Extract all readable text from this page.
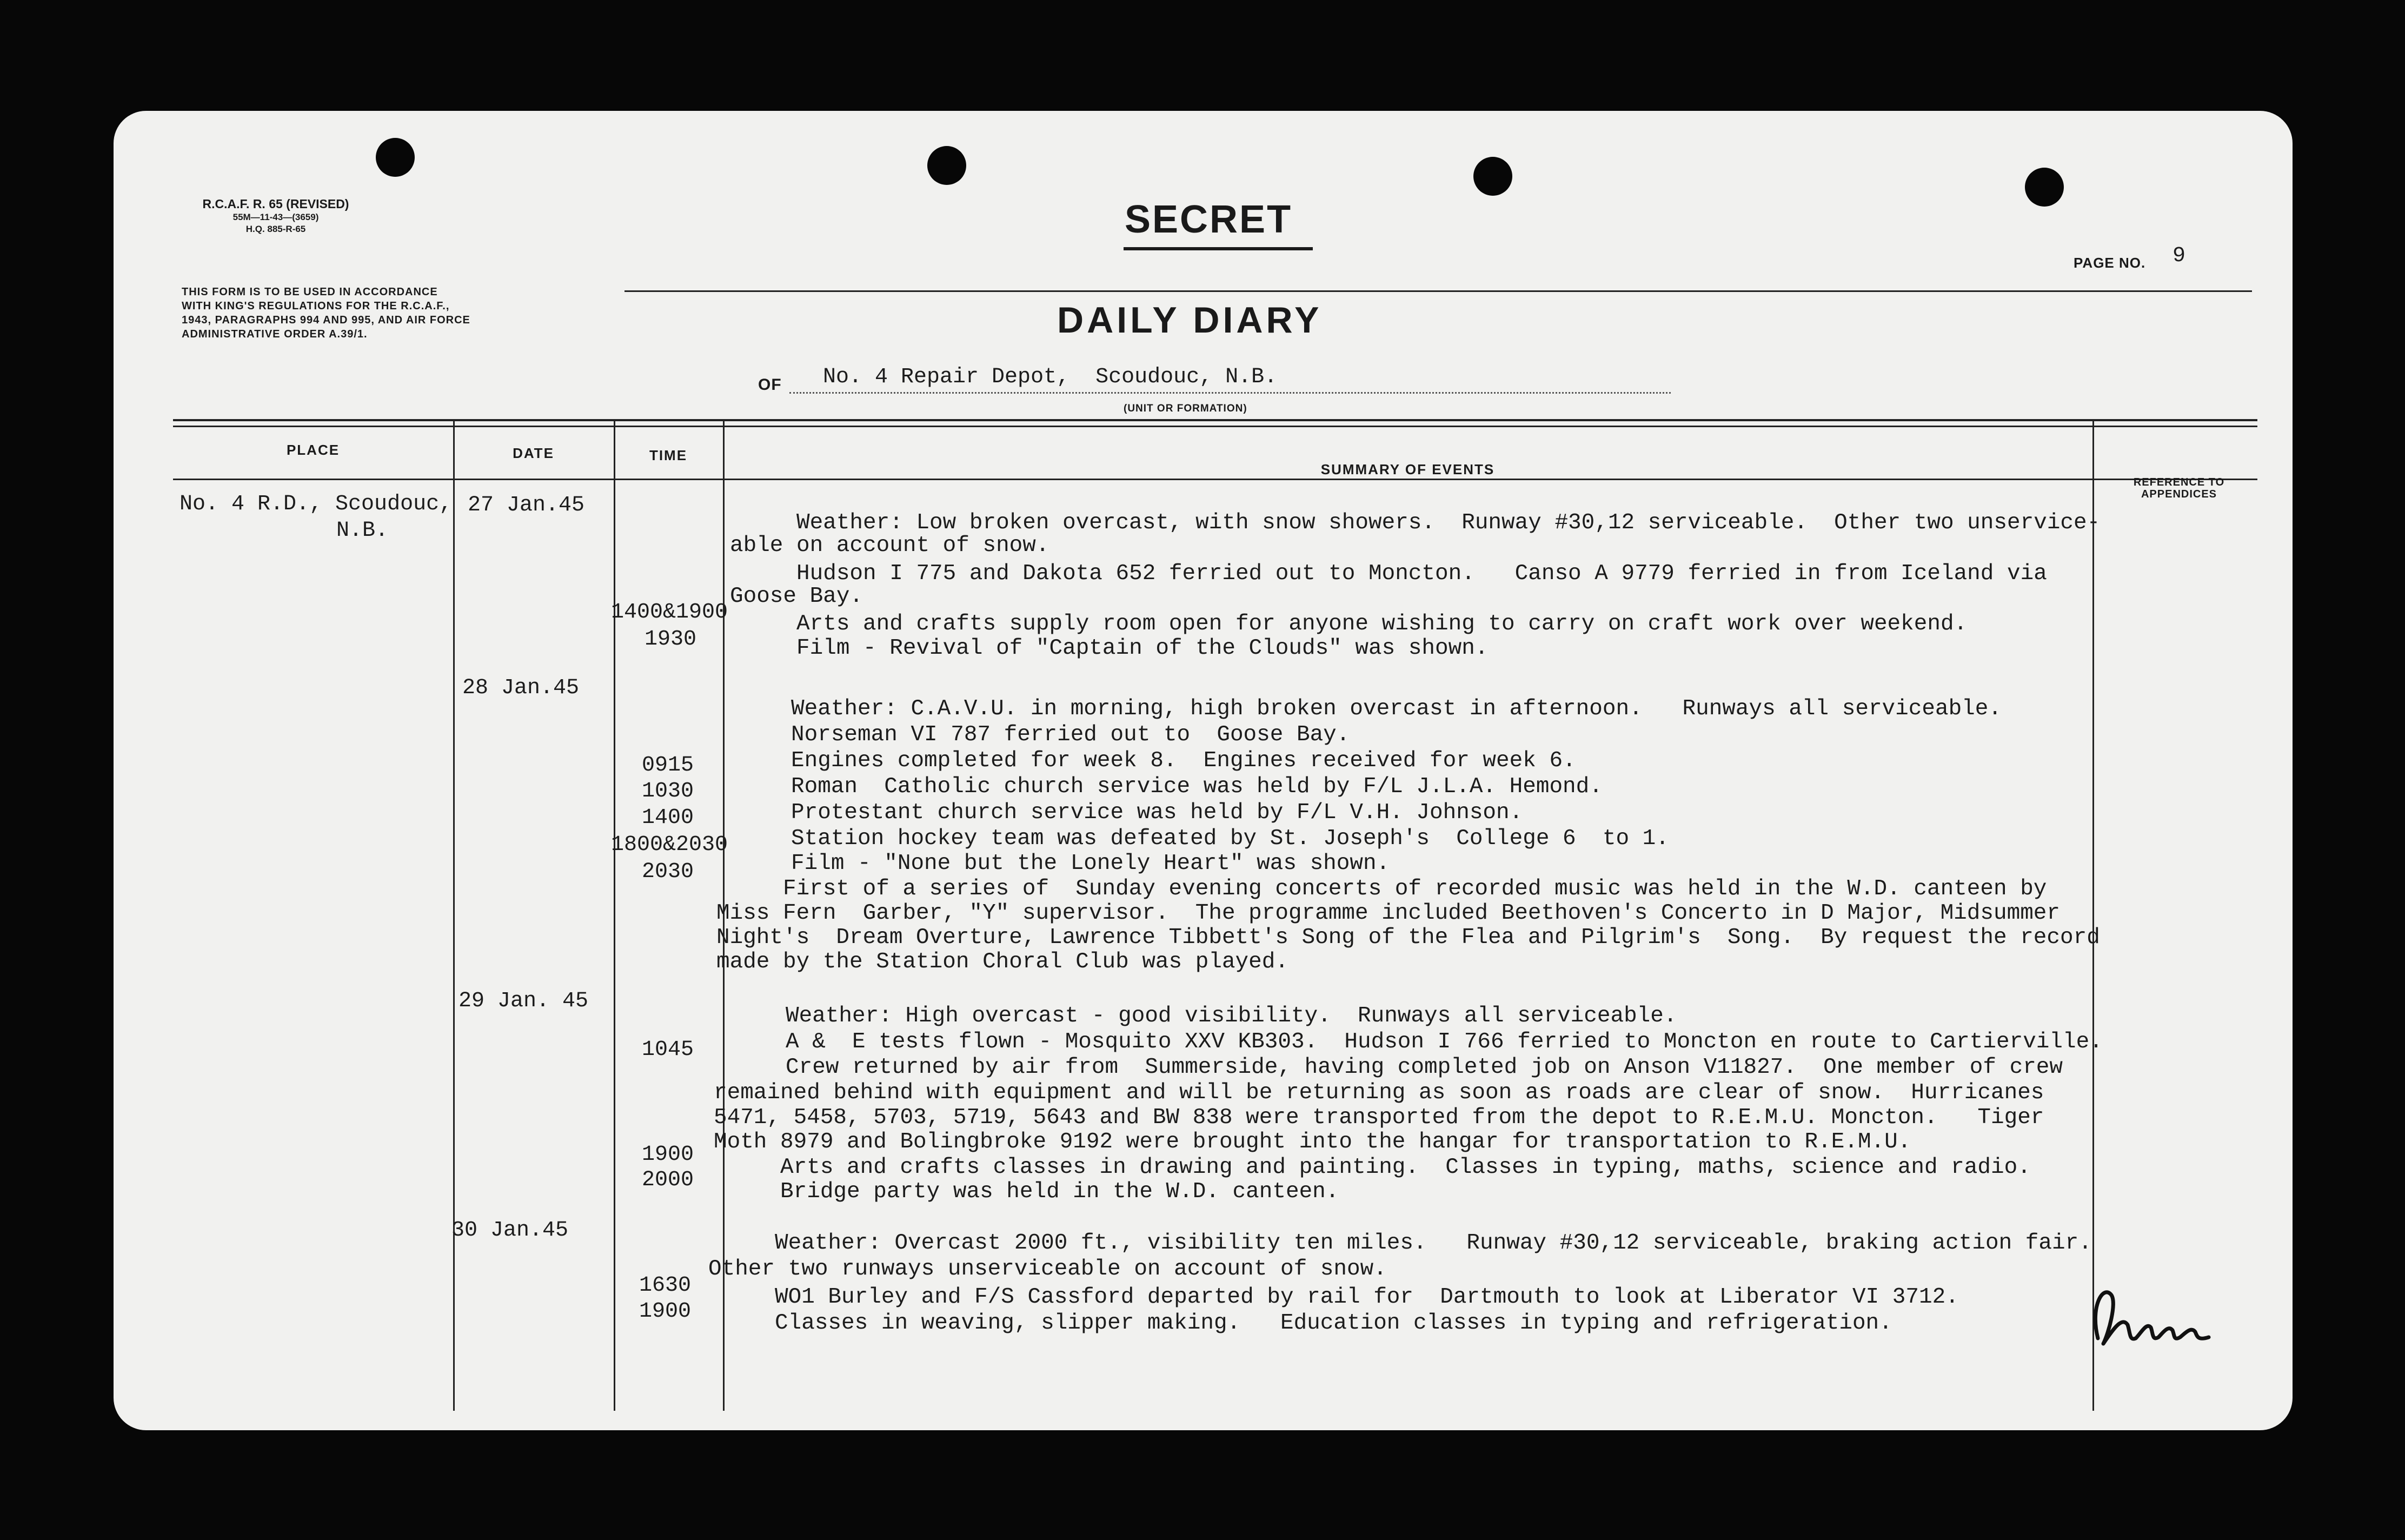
R.C.A.F. R. 65 (REVISED)
55M—11-43—(3659)
H.Q. 885-R-65
THIS FORM IS TO BE USED IN ACCORDANCE
WITH KING'S REGULATIONS FOR THE R.C.A.F.,
1943, PARAGRAPHS 994 AND 995, AND AIR FORCE
ADMINISTRATIVE ORDER A.39/1.
SECRET
PAGE NO. 9
DAILY DIARY
OF No. 4 Repair Depot,  Scoudouc, N.B.
(UNIT OR FORMATION)
PLACE	DATE	TIME
SUMMARY OF EVENTS
REFERENCE TO APPENDICES
No. 4 R.D., Scoudouc,
N.B.
27 Jan.45
28 Jan.45
29 Jan. 45
30 Jan.45
1400&1900
1930
0915
1030
1400
1800&2030
2030
1045
1900
2000
1630
1900
Weather: Low broken overcast, with snow showers.  Runway #30,12 serviceable.  Other two unservice-
able on account of snow.
Hudson I 775 and Dakota 652 ferried out to Moncton.   Canso A 9779 ferried in from Iceland via
Goose Bay.
Arts and crafts supply room open for anyone wishing to carry on craft work over weekend.
Film - Revival of "Captain of the Clouds" was shown.
Weather: C.A.V.U. in morning, high broken overcast in afternoon.   Runways all serviceable.
Norseman VI 787 ferried out to  Goose Bay.
Engines completed for week 8.  Engines received for week 6.
Roman  Catholic church service was held by F/L J.L.A. Hemond.
Protestant church service was held by F/L V.H. Johnson.
Station hockey team was defeated by St. Joseph's  College 6  to 1.
Film - "None but the Lonely Heart" was shown.
First of a series of  Sunday evening concerts of recorded music was held in the W.D. canteen by
Miss Fern  Garber, "Y" supervisor.  The programme included Beethoven's Concerto in D Major, Midsummer
Night's  Dream Overture, Lawrence Tibbett's Song of the Flea and Pilgrim's  Song.  By request the record
made by the Station Choral Club was played.
Weather: High overcast - good visibility.  Runways all serviceable.
A &  E tests flown - Mosquito XXV KB303.  Hudson I 766 ferried to Moncton en route to Cartierville.
Crew returned by air from  Summerside, having completed job on Anson V11827.  One member of crew
remained behind with equipment and will be returning as soon as roads are clear of snow.  Hurricanes
5471, 5458, 5703, 5719, 5643 and BW 838 were transported from the depot to R.E.M.U. Moncton.   Tiger
Moth 8979 and Bolingbroke 9192 were brought into the hangar for transportation to R.E.M.U.
Arts and crafts classes in drawing and painting.  Classes in typing, maths, science and radio.
Bridge party was held in the W.D. canteen.
Weather: Overcast 2000 ft., visibility ten miles.   Runway #30,12 serviceable, braking action fair.
Other two runways unserviceable on account of snow.
WO1 Burley and F/S Cassford departed by rail for  Dartmouth to look at Liberator VI 3712.
Classes in weaving, slipper making.   Education classes in typing and refrigeration.
